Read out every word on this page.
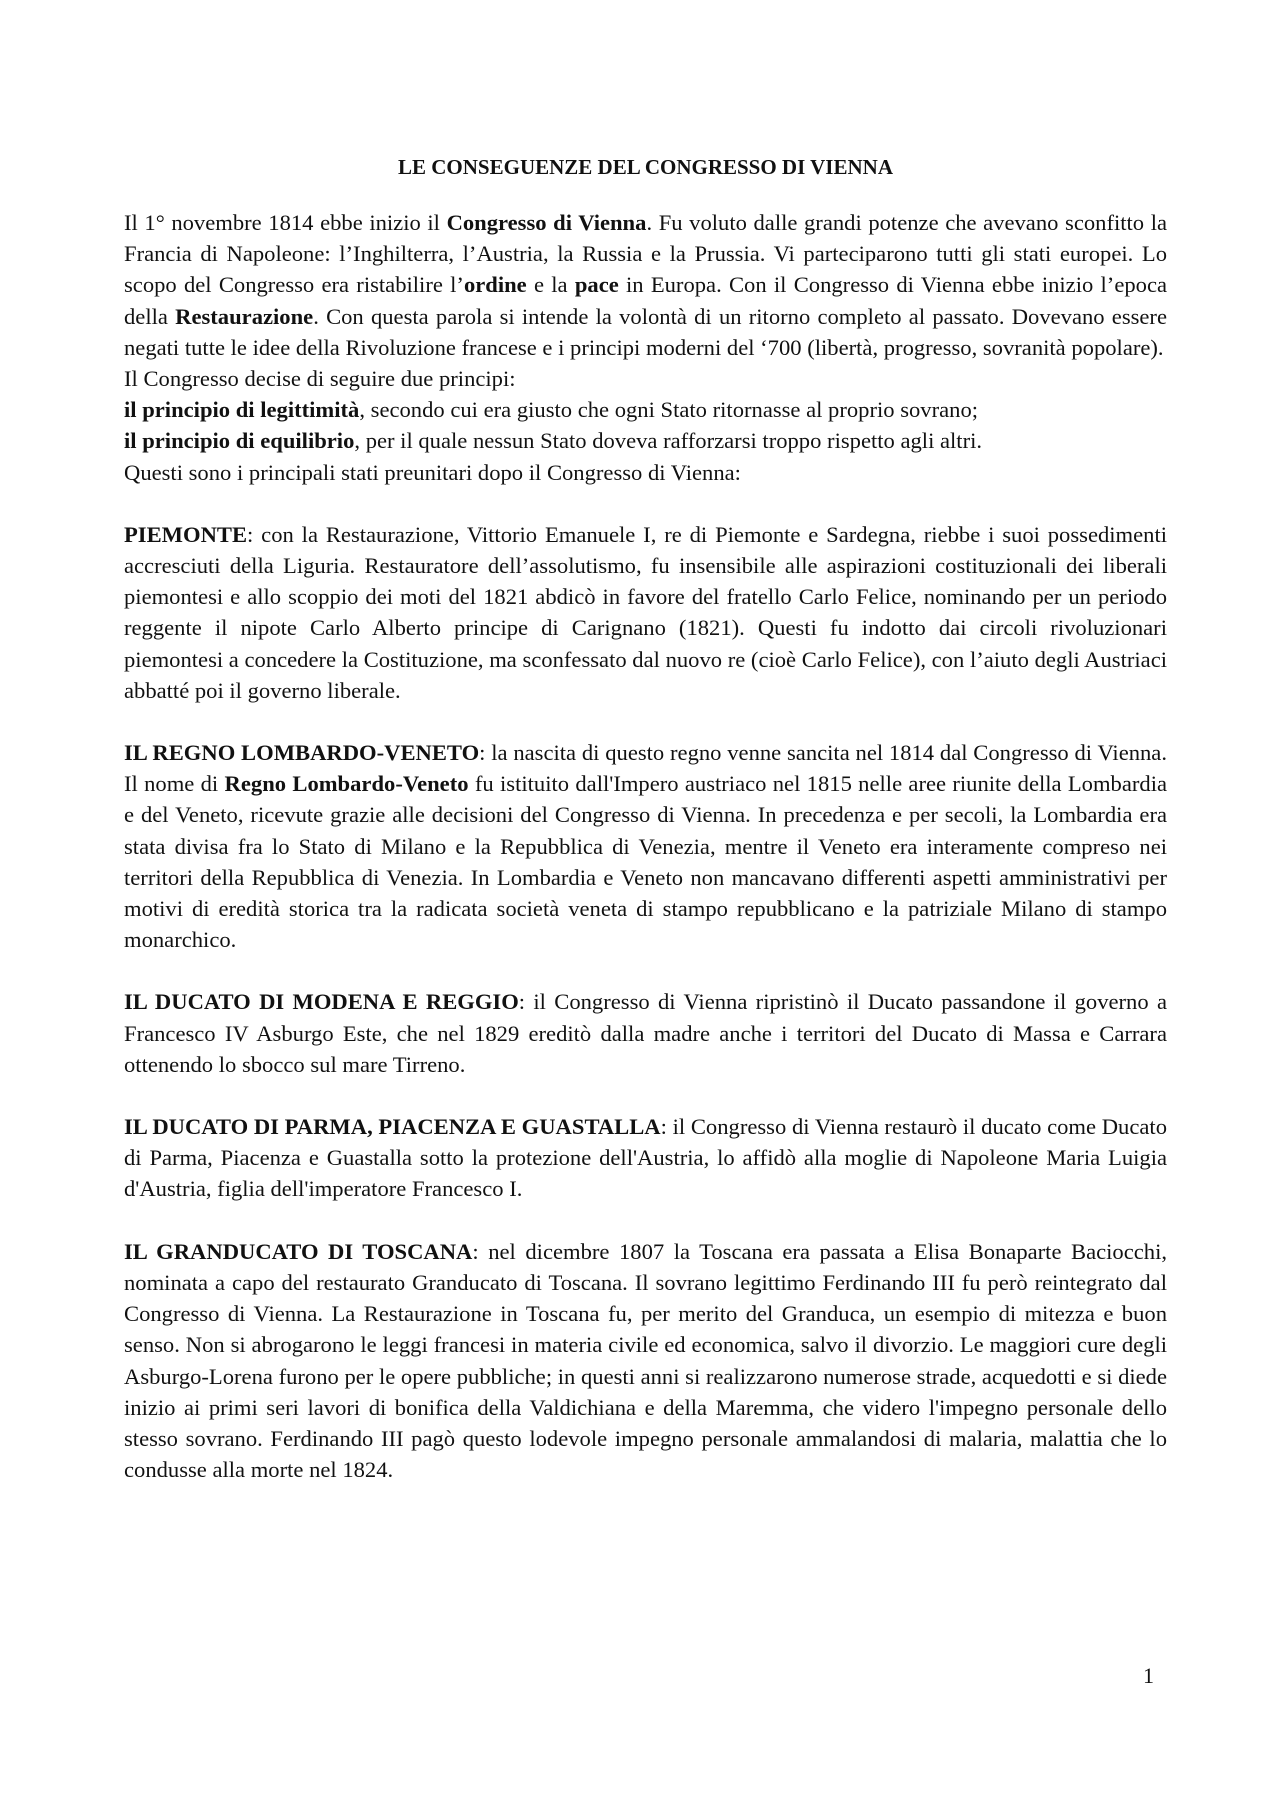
LE CONSEGUENZE DEL CONGRESSO DI VIENNA

Il 1° novembre 1814 ebbe inizio il Congresso di Vienna. Fu voluto dalle grandi potenze che avevano sconfitto la Francia di Napoleone: l’Inghilterra, l’Austria, la Russia e la Prussia. Vi parteciparono tutti gli stati europei. Lo scopo del Congresso era ristabilire l’ordine e la pace in Europa. Con il Congresso di Vienna ebbe inizio l’epoca della Restaurazione. Con questa parola si intende la volontà di un ritorno completo al passato. Dovevano essere negati tutte le idee della Rivoluzione francese e i principi moderni del ‘700 (libertà, progresso, sovranità popolare).

Il Congresso decise di seguire due principi:

il principio di legittimità, secondo cui era giusto che ogni Stato ritornasse al proprio sovrano;

il principio di equilibrio, per il quale nessun Stato doveva rafforzarsi troppo rispetto agli altri.

Questi sono i principali stati preunitari dopo il Congresso di Vienna:

PIEMONTE: con la Restaurazione, Vittorio Emanuele I, re di Piemonte e Sardegna, riebbe i suoi possedimenti accresciuti della Liguria. Restauratore dell’assolutismo, fu insensibile alle aspirazioni costituzionali dei liberali piemontesi e allo scoppio dei moti del 1821 abdicò in favore del fratello Carlo Felice, nominando per un periodo reggente il nipote Carlo Alberto principe di Carignano (1821). Questi fu indotto dai circoli rivoluzionari piemontesi a concedere la Costituzione, ma sconfessato dal nuovo re (cioè Carlo Felice), con l’aiuto degli Austriaci abbatté poi il governo liberale.

IL REGNO LOMBARDO-VENETO: la nascita di questo regno venne sancita nel 1814 dal Congresso di Vienna. Il nome di Regno Lombardo-Veneto fu istituito dall'Impero austriaco nel 1815 nelle aree riunite della Lombardia e del Veneto, ricevute grazie alle decisioni del Congresso di Vienna. In precedenza e per secoli, la Lombardia era stata divisa fra lo Stato di Milano e la Repubblica di Venezia, mentre il Veneto era interamente compreso nei territori della Repubblica di Venezia. In Lombardia e Veneto non mancavano differenti aspetti amministrativi per motivi di eredità storica tra la radicata società veneta di stampo repubblicano e la patriziale Milano di stampo monarchico.

IL DUCATO DI MODENA E REGGIO: il Congresso di Vienna ripristinò il Ducato passandone il governo a Francesco IV Asburgo Este, che nel 1829 ereditò dalla madre anche i territori del Ducato di Massa e Carrara ottenendo lo sbocco sul mare Tirreno.

IL DUCATO DI PARMA, PIACENZA E GUASTALLA: il Congresso di Vienna restaurò il ducato come Ducato di Parma, Piacenza e Guastalla sotto la protezione dell'Austria, lo affidò alla moglie di Napoleone Maria Luigia d'Austria, figlia dell'imperatore Francesco I.

IL GRANDUCATO DI TOSCANA: nel dicembre 1807 la Toscana era passata a Elisa Bonaparte Baciocchi, nominata a capo del restaurato Granducato di Toscana. Il sovrano legittimo Ferdinando III fu però reintegrato dal Congresso di Vienna. La Restaurazione in Toscana fu, per merito del Granduca, un esempio di mitezza e buon senso. Non si abrogarono le leggi francesi in materia civile ed economica, salvo il divorzio. Le maggiori cure degli Asburgo-Lorena furono per le opere pubbliche; in questi anni si realizzarono numerose strade, acquedotti e si diede inizio ai primi seri lavori di bonifica della Valdichiana e della Maremma, che videro l'impegno personale dello stesso sovrano. Ferdinando III pagò questo lodevole impegno personale ammalandosi di malaria, malattia che lo condusse alla morte nel 1824.

1
